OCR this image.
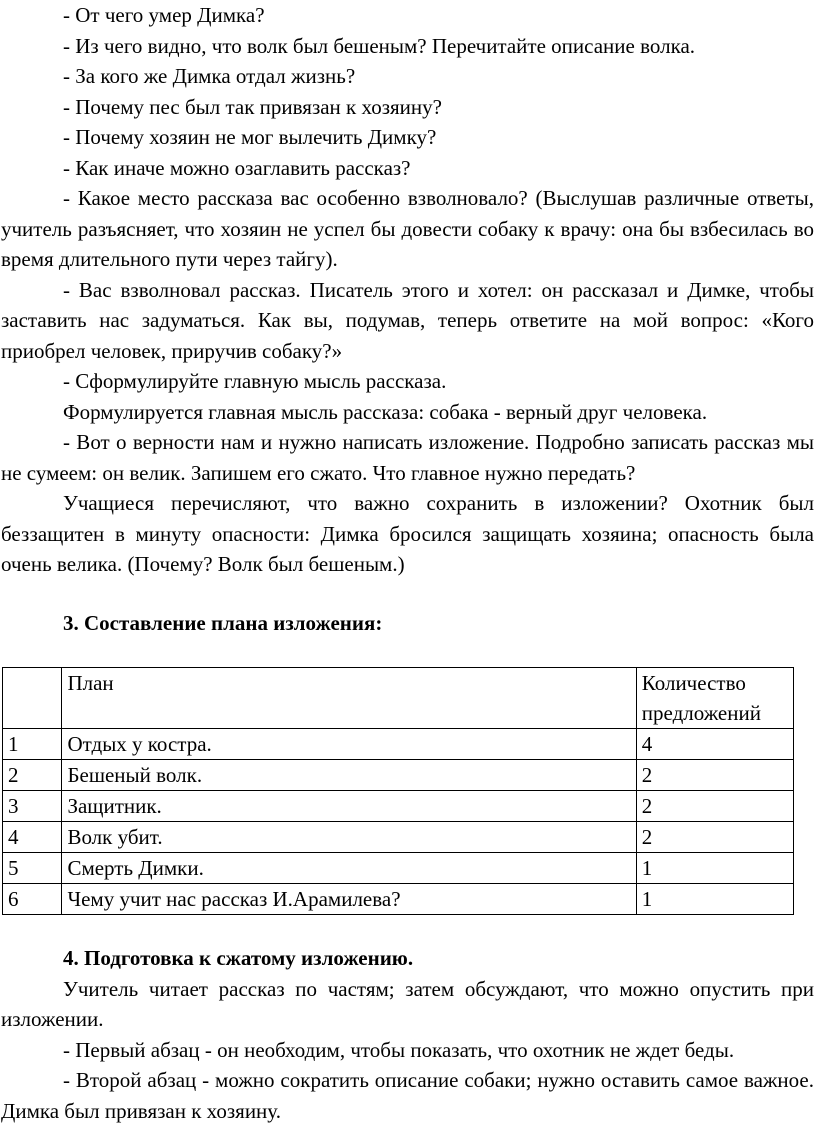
- От чего умер Димка?

- Из чего видно, что волк был бешеным? Перечитайте описание волка.

- За кого же Димка отдал жизнь?

- Почему пес был так привязан к хозяину?

- Почему хозяин не мог вылечить Димку?

- Как иначе можно озаглавить рассказ?

- Какое место рассказа вас особенно взволновало? (Выслушав различные ответы, учитель разъясняет, что хозяин не успел бы довести собаку к врачу: она бы взбесилась во время длительного пути через тайгу).

- Вас взволновал рассказ. Писатель этого и хотел: он рассказал и Димке, чтобы заставить нас задуматься. Как вы, подумав, теперь ответите на мой вопрос: «Кого приобрел человек, приручив собаку?»

- Сформулируйте главную мысль рассказа.

Формулируется главная мысль рассказа: собака - верный друг человека.

- Вот о верности нам и нужно написать изложение. Подробно записать рассказ мы не сумеем: он велик. Запишем его сжато. Что главное нужно передать?

Учащиеся перечисляют, что важно сохранить в изложении? Охотник был беззащитен в минуту опасности: Димка бросился защищать хозяина; опасность была очень велика. (Почему? Волк был бешеным.)

3. Составление плана изложения:

	План	Количество предложений
1	Отдых у костра.	4
2	Бешеный волк.	2
3	Защитник.	2
4	Волк убит.	2
5	Смерть Димки.	1
6	Чему учит нас рассказ И.Арамилева?	1

4. Подготовка к сжатому изложению.

Учитель читает рассказ по частям; затем обсуждают, что можно опустить при изложении.

- Первый абзац - он необходим, чтобы показать, что охотник не ждет беды.

- Второй абзац - можно сократить описание собаки; нужно оставить самое важное. Димка был привязан к хозяину.
